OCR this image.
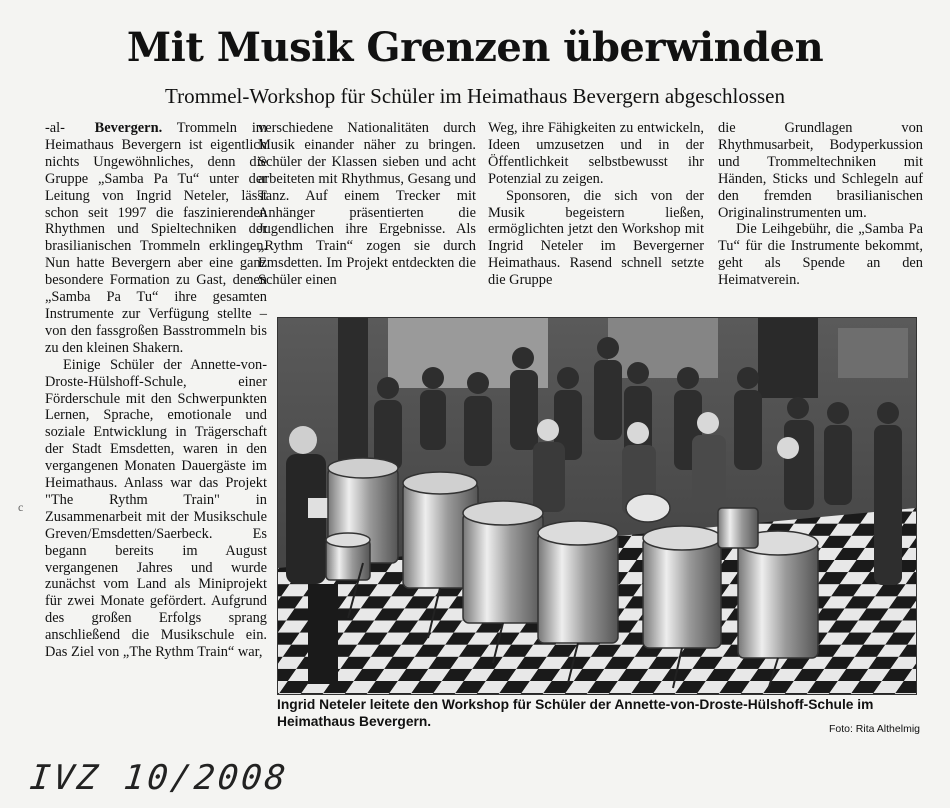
Mit Musik Grenzen überwinden
Trommel-Workshop für Schüler im Heimathaus Bevergern abgeschlossen

-al- Bevergern. Trommeln im Heimathaus Bevergern ist eigentlich nichts Ungewöhnliches, denn die Gruppe „Samba Pa Tu“ unter der Leitung von Ingrid Neteler, lässt schon seit 1997 die faszinierenden Rhythmen und Spieltechniken der brasilianischen Trommeln erklingen. Nun hatte Bevergern aber eine ganz besondere Formation zu Gast, denen „Samba Pa Tu“ ihre gesamten Instrumente zur Verfügung stellte – von den fassgroßen Basstrommeln bis zu den kleinen Shakern.

Einige Schüler der Annette-von-Droste-Hülshoff-Schule, einer Förderschule mit den Schwerpunkten Lernen, Sprache, emotionale und soziale Entwicklung in Trägerschaft der Stadt Emsdetten, waren in den vergangenen Monaten Dauergäste im Heimathaus. Anlass war das Projekt "The Rythm Train" in Zusammenarbeit mit der Musikschule Greven/Emsdetten/Saerbeck. Es begann bereits im August vergangenen Jahres und wurde zunächst vom Land als Miniprojekt für zwei Monate gefördert. Aufgrund des großen Erfolgs sprang anschließend die Musikschule ein. Das Ziel von „The Rythm Train“ war,

verschiedene Nationalitäten durch Musik einander näher zu bringen. Schüler der Klassen sieben und acht arbeiteten mit Rhythmus, Gesang und Tanz. Auf einem Trecker mit Anhänger präsentierten die Jugendlichen ihre Ergebnisse. Als „Rythm Train“ zogen sie durch Emsdetten. Im Projekt entdeckten die Schüler einen

Weg, ihre Fähigkeiten zu entwickeln, Ideen umzusetzen und in der Öffentlichkeit selbstbewusst ihr Potenzial zu zeigen.

Sponsoren, die sich von der Musik begeistern ließen, ermöglichten jetzt den Workshop mit Ingrid Neteler im Bevergerner Heimathaus. Rasend schnell setzte die Gruppe

die Grundlagen von Rhythmusarbeit, Bodyperkussion und Trommeltechniken mit Händen, Sticks und Schlegeln auf den fremden brasilianischen Originalinstrumenten um.

Die Leihgebühr, die „Samba Pa Tu“ für die Instrumente bekommt, geht als Spende an den Heimatverein.

Ingrid Neteler leitete den Workshop für Schüler der Annette-von-Droste-Hülshoff-Schule im Heimathaus Bevergern.
Foto: Rita Althelmig
c
IVZ 10/2008
